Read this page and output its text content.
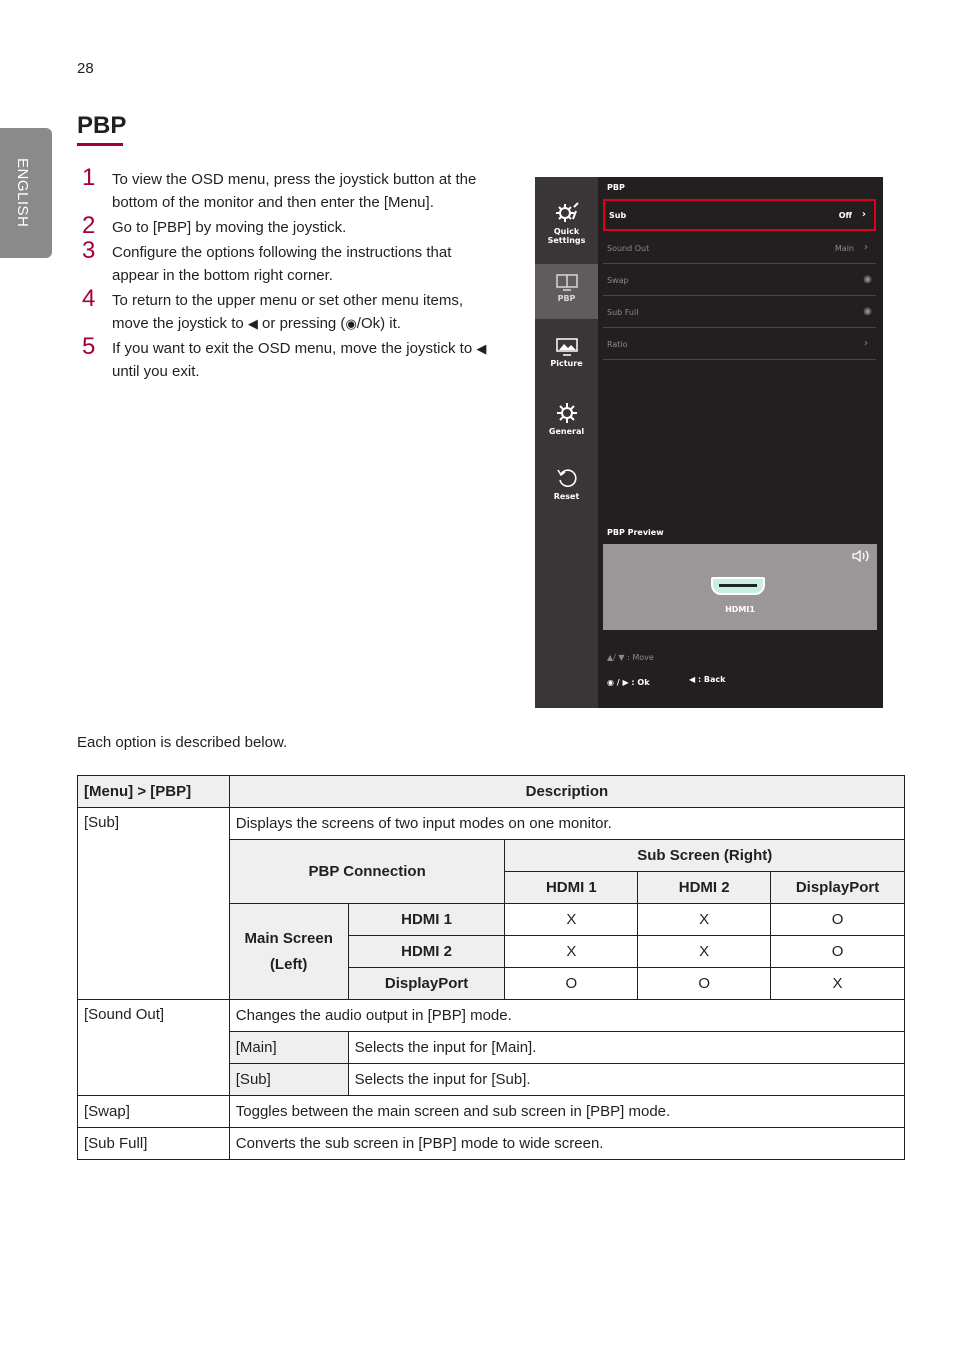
28
ENGLISH
PBP
1 To view the OSD menu, press the joystick button at the bottom of the monitor and then enter the [Menu].
2 Go to [PBP] by moving the joystick.
3 Configure the options following the instructions that appear in the bottom right corner.
4 To return to the upper menu or set other menu items, move the joystick to ◀ or pressing (◉/Ok) it.
5 If you want to exit the OSD menu, move the joystick to ◀ until you exit.
Quick
Settings
PBP
Picture
General
Reset
PBP
Sub	Off ›
Sound Out	Main ›
Swap	◉
Sub Full	◉
Ratio	›
PBP Preview
HDMI1
▲/ ▼ : Move
◉ / ▶ : Ok	◀ : Back
Each option is described below.
[Menu] > [PBP]	Description				
[Sub]	Displays the screens of two input modes on one monitor.				
	PBP Connection		Sub Screen (Right)		
			HDMI 1	HDMI 2	DisplayPort
	Main Screen
(Left)	HDMI 1	X	X	O
		HDMI 2	X	X	O
		DisplayPort	O	O	X
[Sound Out]	Changes the audio output in [PBP] mode.				
	[Main]	Selects the input for [Main].			
	[Sub]	Selects the input for [Sub].			
[Swap]	Toggles between the main screen and sub screen in [PBP] mode.				
[Sub Full]	Converts the sub screen in [PBP] mode to wide screen.				
